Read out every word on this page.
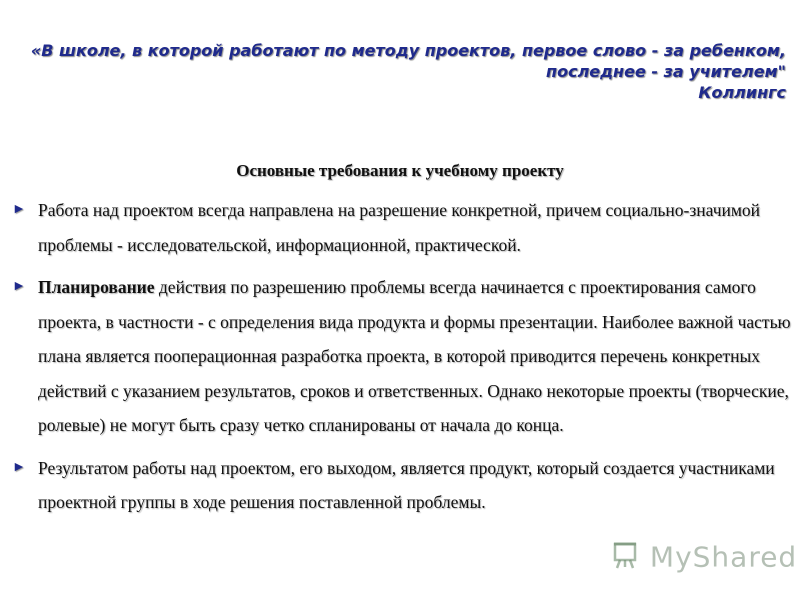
«В школе, в которой работают по методу проектов, первое слово - за ребенком,
последнее - за учителем"
Коллингс
Основные требования к учебному проекту
► Работа над проектом всегда направлена на разрешение конкретной, причем социально-значимой проблемы - исследовательской, информационной, практической.
► Планирование действия по разрешению проблемы всегда начинается с проектирования самого проекта, в частности - с определения вида продукта и формы презентации. Наиболее важной частью плана является пооперационная разработка проекта, в которой приводится перечень конкретных действий с указанием результатов, сроков и ответственных. Однако некоторые проекты (творческие, ролевые) не могут быть сразу четко спланированы от начала до конца.
► Результатом работы над проектом, его выходом, является продукт, который создается участниками проектной группы в ходе решения поставленной проблемы.
MyShared
